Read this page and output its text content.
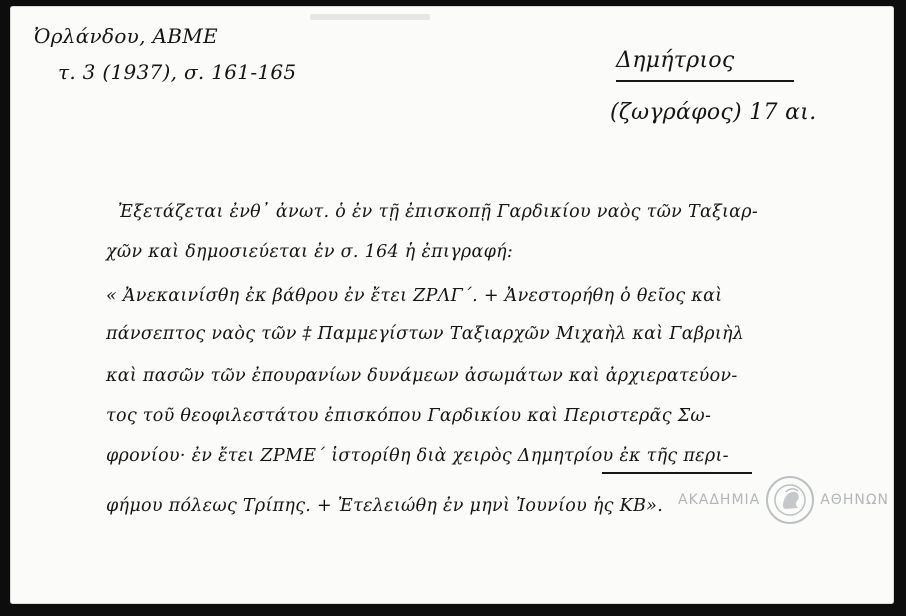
Ὀρλάνδου, ΑΒΜΕ
τ. 3 (1937), σ. 161-165	Δημήτριος
(ζωγράφος) 17 αι.
Ἐξετάζεται ἐνθ᾽ ἀνωτ. ὁ ἐν τῇ ἐπισκοπῇ Γαρδικίου ναὸς τῶν Ταξιαρ-
χῶν καὶ δημοσιεύεται ἐν σ. 164 ἡ ἐπιγραφή:
« Ἀνεκαινίσθη ἐκ βάθρου ἐν ἔτει ΖΡΛΓ΄. + Ἀνεστορήθη ὁ θεῖος καὶ
πάνσεπτος ναὸς τῶν ‡ Παμμεγίστων Ταξιαρχῶν Μιχαὴλ καὶ Γαβριὴλ
καὶ πασῶν τῶν ἐπουρανίων δυνάμεων ἀσωμάτων καὶ ἀρχιερατεύον-
τος τοῦ θεοφιλεστάτου ἐπισκόπου Γαρδικίου καὶ Περιστερᾶς Σω-
φρονίου· ἐν ἔτει ΖΡΜΕ΄ ἱστορίθη διὰ χειρὸς Δημητρίου ἐκ τῆς περι-
φήμου πόλεως Τρίπης. + Ἐτελειώθη ἐν μηνὶ Ἰουνίου ἡς ΚΒ». ΑΚΑΔΗΜΙΑ	ΑΘΗΝΩΝ
